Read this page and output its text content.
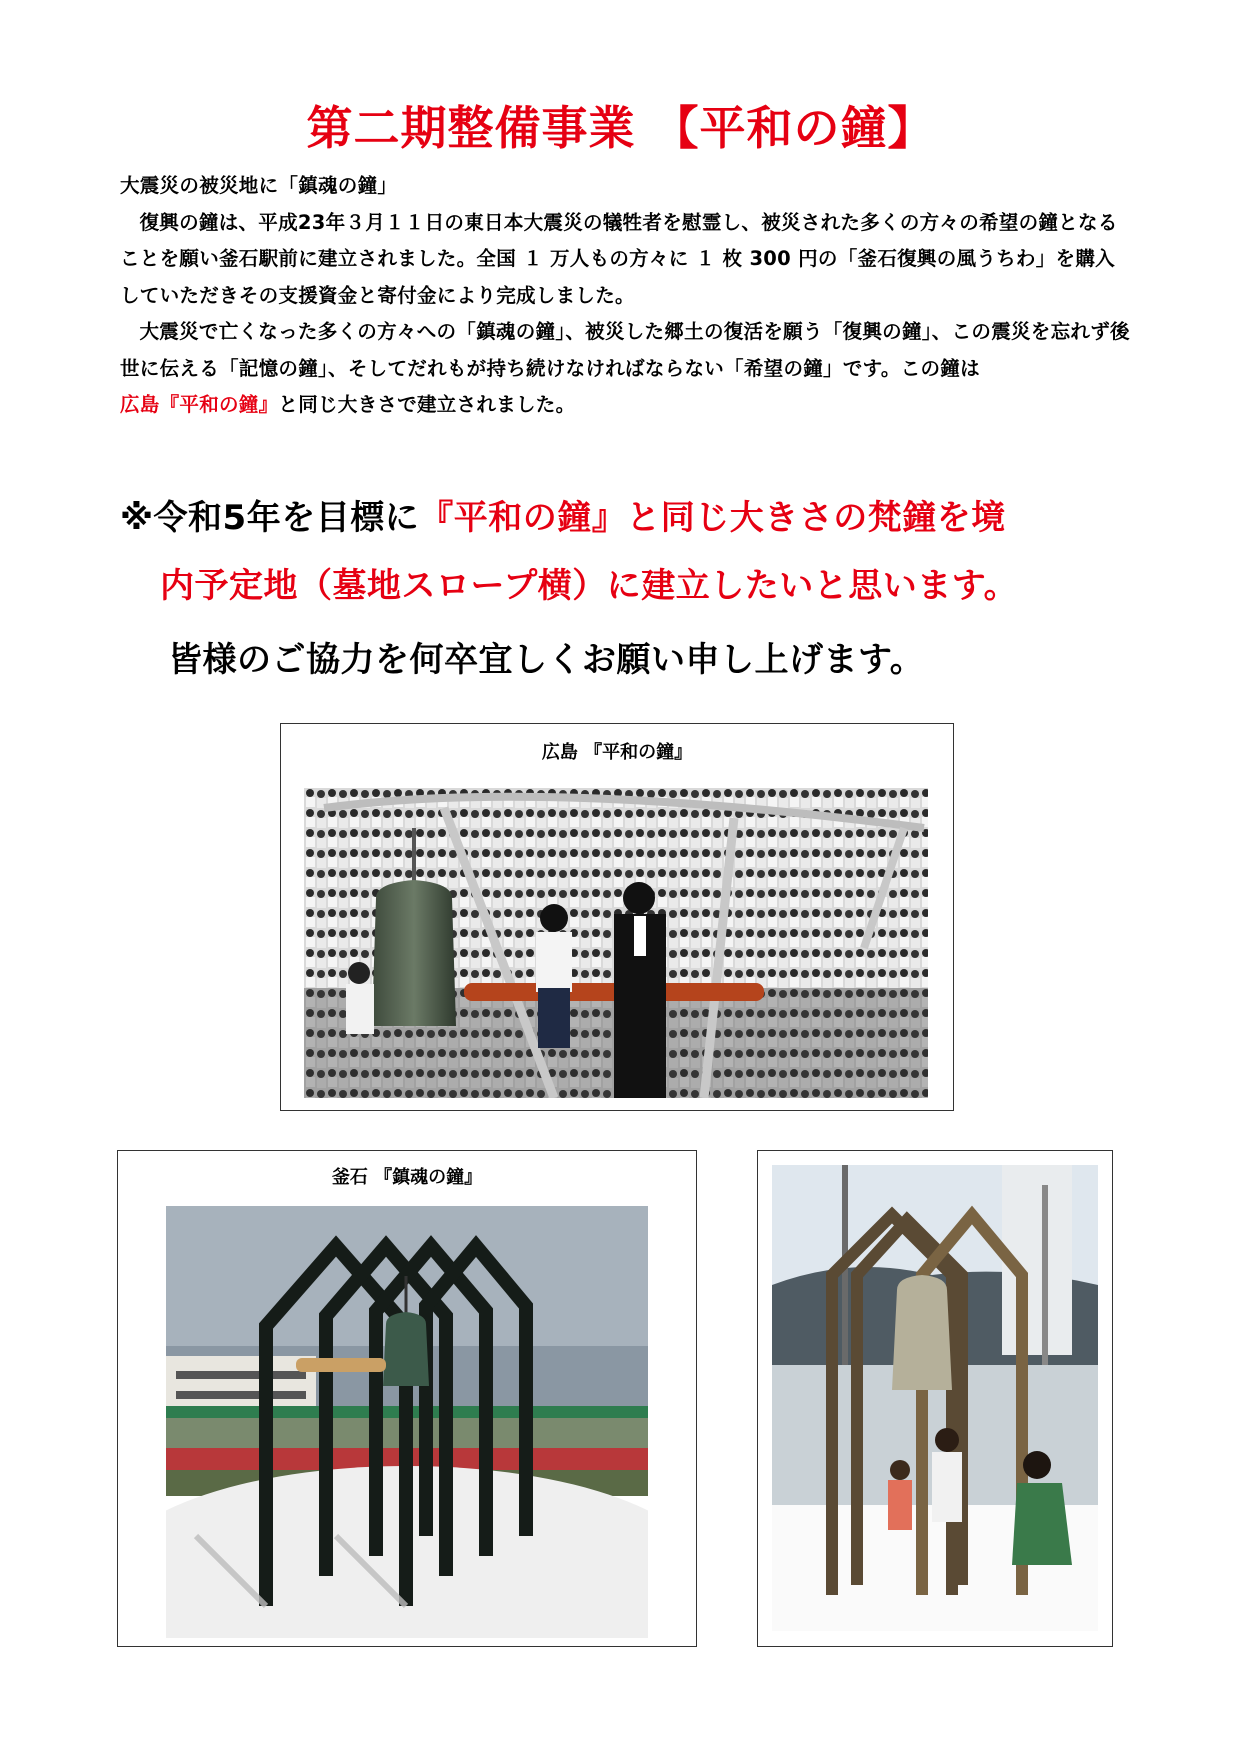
第二期整備事業 【平和の鐘】

大震災の被災地に「鎮魂の鐘」

復興の鐘は、平成23年３月１１日の東日本大震災の犠牲者を慰霊し、被災された多くの方々の希望の鐘となることを願い釜石駅前に建立されました。全国 １ 万人もの方々に １ 枚 300 円の「釜石復興の風うちわ」を購入していただきその支援資金と寄付金により完成しました。

大震災で亡くなった多くの方々への「鎮魂の鐘」、被災した郷土の復活を願う「復興の鐘」、この震災を忘れず後世に伝える「記憶の鐘」、そしてだれもが持ち続けなければならない「希望の鐘」です。この鐘は広島『平和の鐘』と同じ大きさで建立されました。

※令和5年を目標に『平和の鐘』と同じ大きさの梵鐘を境
内予定地（墓地スロープ横）に建立したいと思います。
皆様のご協力を何卒宜しくお願い申し上げます。
広島 『平和の鐘』
釜石 『鎮魂の鐘』
